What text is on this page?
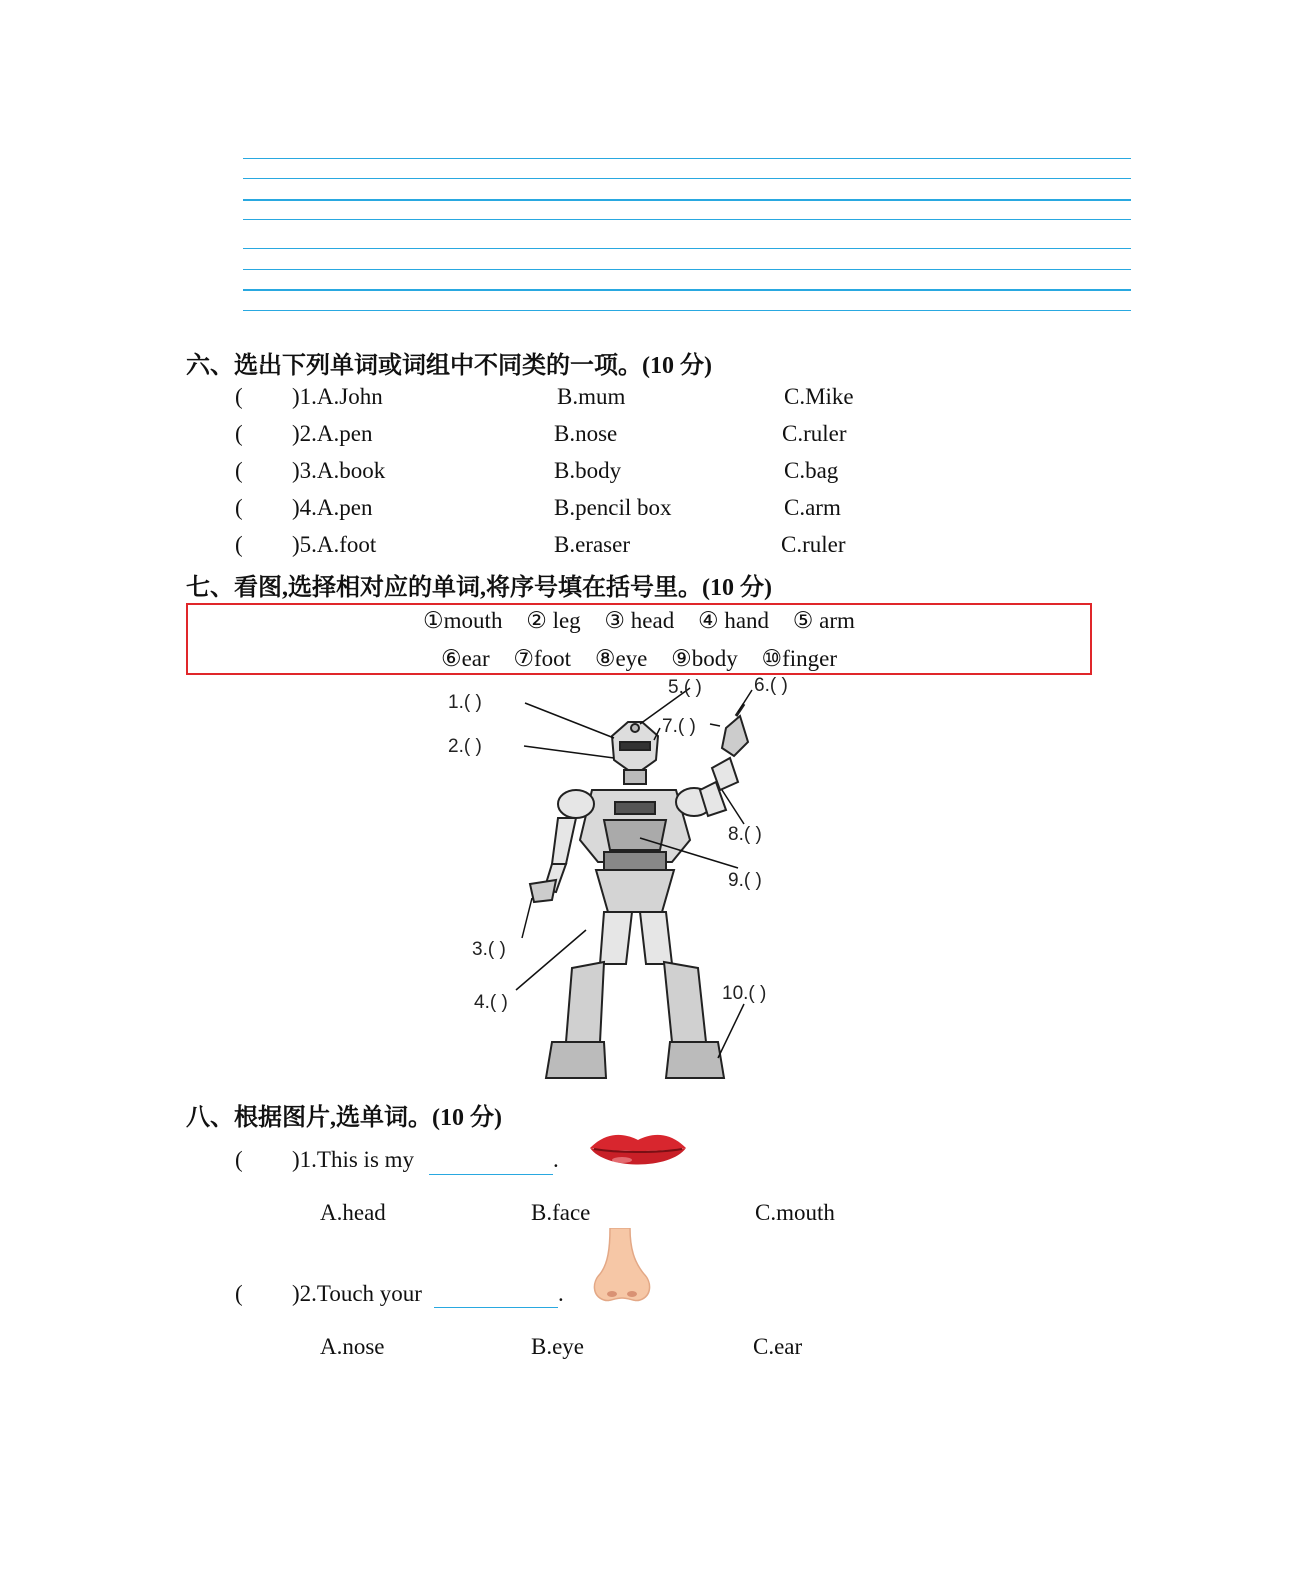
六、选出下列单词或词组中不同类的一项。(10 分)
( )1.A.John	B.mum	C.Mike
( )2.A.pen	B.nose	C.ruler
( )3.A.book	B.body	C.bag
( )4.A.pen	B.pencil box	C.arm
( )5.A.foot	B.eraser	C.ruler
七、看图,选择相对应的单词,将序号填在括号里。(10 分)
①mouth ② leg ③ head ④ hand ⑤ arm
⑥ear ⑦foot ⑧eye ⑨body ⑩finger
1.( )
2.( )
3.( )
4.( )
5.( )	6.( )
7.( )
8.( )
9.( )
10.( )
八、根据图片,选单词。(10 分)
( )1.This is my	.
A.head	B.face	C.mouth
( )2.Touch your	.
A.nose	B.eye	C.ear
